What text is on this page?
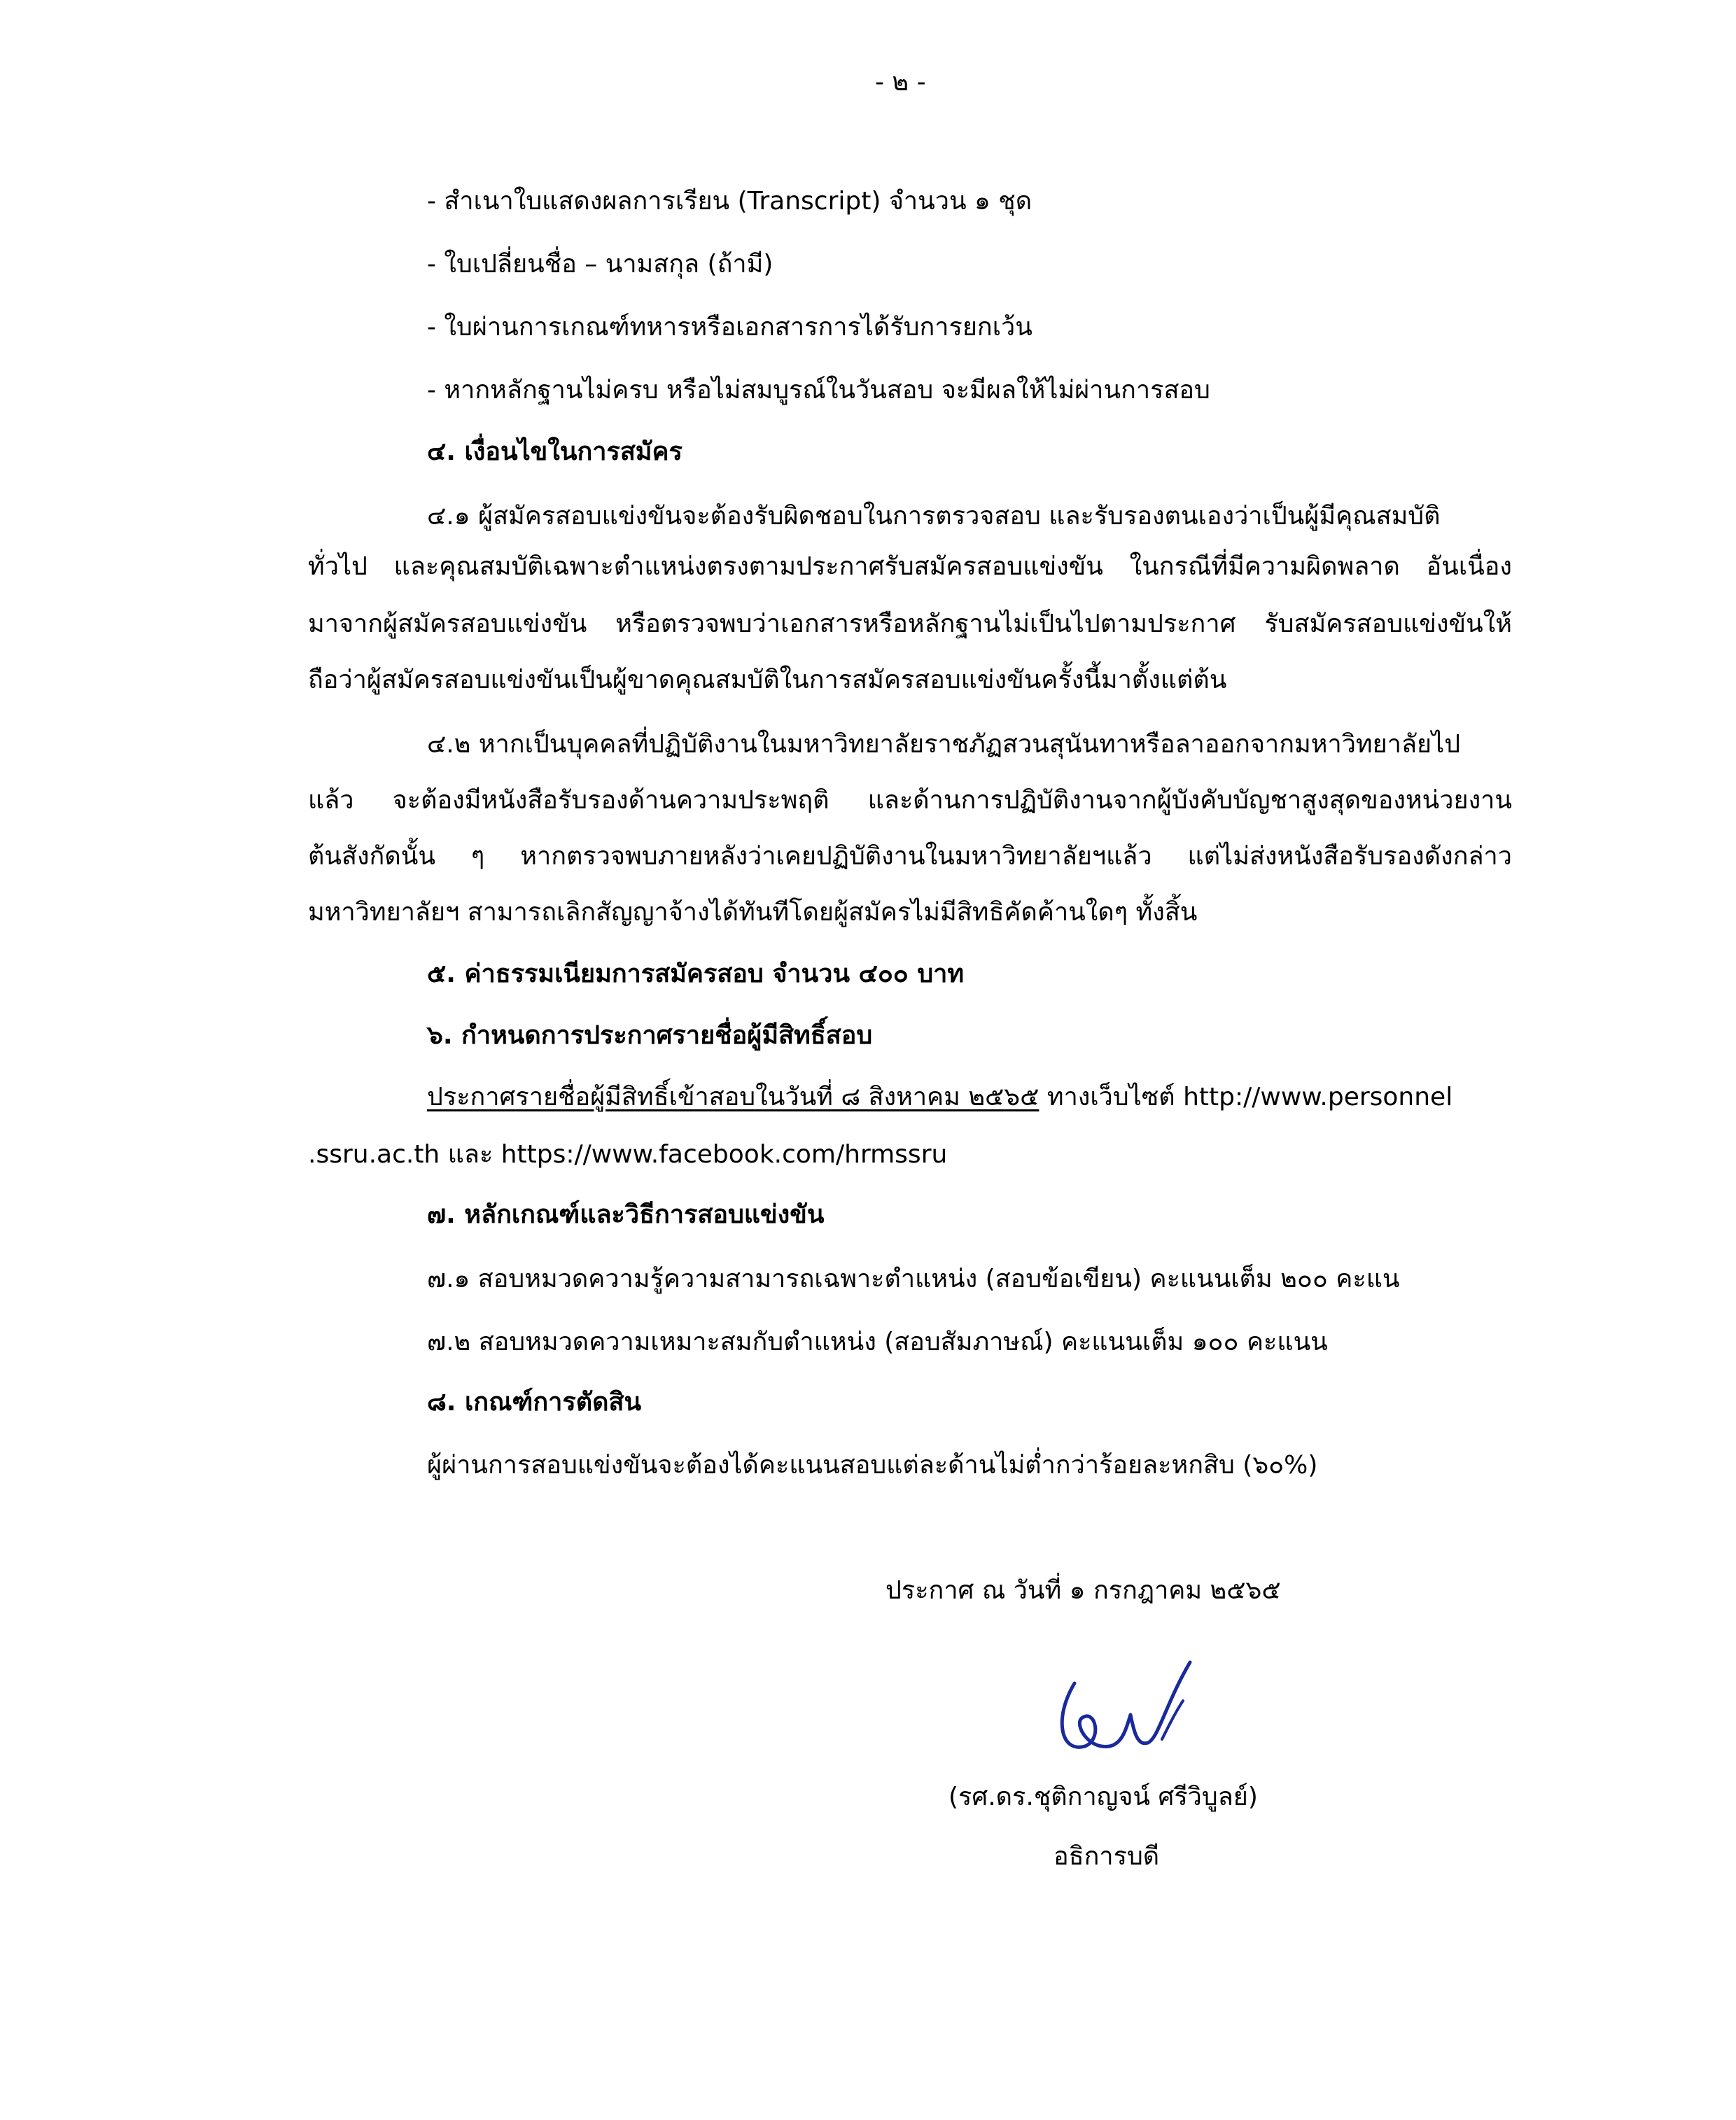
- ๒ -
- สำเนาใบแสดงผลการเรียน (Transcript) จำนวน ๑ ชุด
- ใบเปลี่ยนชื่อ – นามสกุล (ถ้ามี)
- ใบผ่านการเกณฑ์ทหารหรือเอกสารการได้รับการยกเว้น
- หากหลักฐานไม่ครบ หรือไม่สมบูรณ์ในวันสอบ จะมีผลให้ไม่ผ่านการสอบ
๔. เงื่อนไขในการสมัคร
๔.๑ ผู้สมัครสอบแข่งขันจะต้องรับผิดชอบในการตรวจสอบ และรับรองตนเองว่าเป็นผู้มีคุณสมบัติ
ทั่วไป และคุณสมบัติเฉพาะตำแหน่งตรงตามประกาศรับสมัครสอบแข่งขัน ในกรณีที่มีความผิดพลาด อันเนื่อง
มาจากผู้สมัครสอบแข่งขัน หรือตรวจพบว่าเอกสารหรือหลักฐานไม่เป็นไปตามประกาศ รับสมัครสอบแข่งขันให้
ถือว่าผู้สมัครสอบแข่งขันเป็นผู้ขาดคุณสมบัติในการสมัครสอบแข่งขันครั้งนี้มาตั้งแต่ต้น
๔.๒ หากเป็นบุคคลที่ปฏิบัติงานในมหาวิทยาลัยราชภัฏสวนสุนันทาหรือลาออกจากมหาวิทยาลัยไป
แล้ว จะต้องมีหนังสือรับรองด้านความประพฤติ และด้านการปฏิบัติงานจากผู้บังคับบัญชาสูงสุดของหน่วยงาน
ต้นสังกัดนั้น ๆ หากตรวจพบภายหลังว่าเคยปฏิบัติงานในมหาวิทยาลัยฯแล้ว แต่ไม่ส่งหนังสือรับรองดังกล่าว
มหาวิทยาลัยฯ สามารถเลิกสัญญาจ้างได้ทันทีโดยผู้สมัครไม่มีสิทธิคัดค้านใดๆ ทั้งสิ้น
๕. ค่าธรรมเนียมการสมัครสอบ จำนวน ๔๐๐ บาท
๖. กำหนดการประกาศรายชื่อผู้มีสิทธิ์สอบ
ประกาศรายชื่อผู้มีสิทธิ์เข้าสอบในวันที่ ๘ สิงหาคม ๒๕๖๕ ทางเว็บไซต์ http://www.personnel
.ssru.ac.th และ https://www.facebook.com/hrmssru
๗. หลักเกณฑ์และวิธีการสอบแข่งขัน
๗.๑ สอบหมวดความรู้ความสามารถเฉพาะตำแหน่ง (สอบข้อเขียน) คะแนนเต็ม ๒๐๐ คะแน
๗.๒ สอบหมวดความเหมาะสมกับตำแหน่ง (สอบสัมภาษณ์) คะแนนเต็ม ๑๐๐ คะแนน
๘. เกณฑ์การตัดสิน
ผู้ผ่านการสอบแข่งขันจะต้องได้คะแนนสอบแต่ละด้านไม่ต่ำกว่าร้อยละหกสิบ (๖๐%)
ประกาศ ณ วันที่ ๑ กรกฎาคม ๒๕๖๕
(รศ.ดร.ชุติกาญจน์ ศรีวิบูลย์)
อธิการบดี
